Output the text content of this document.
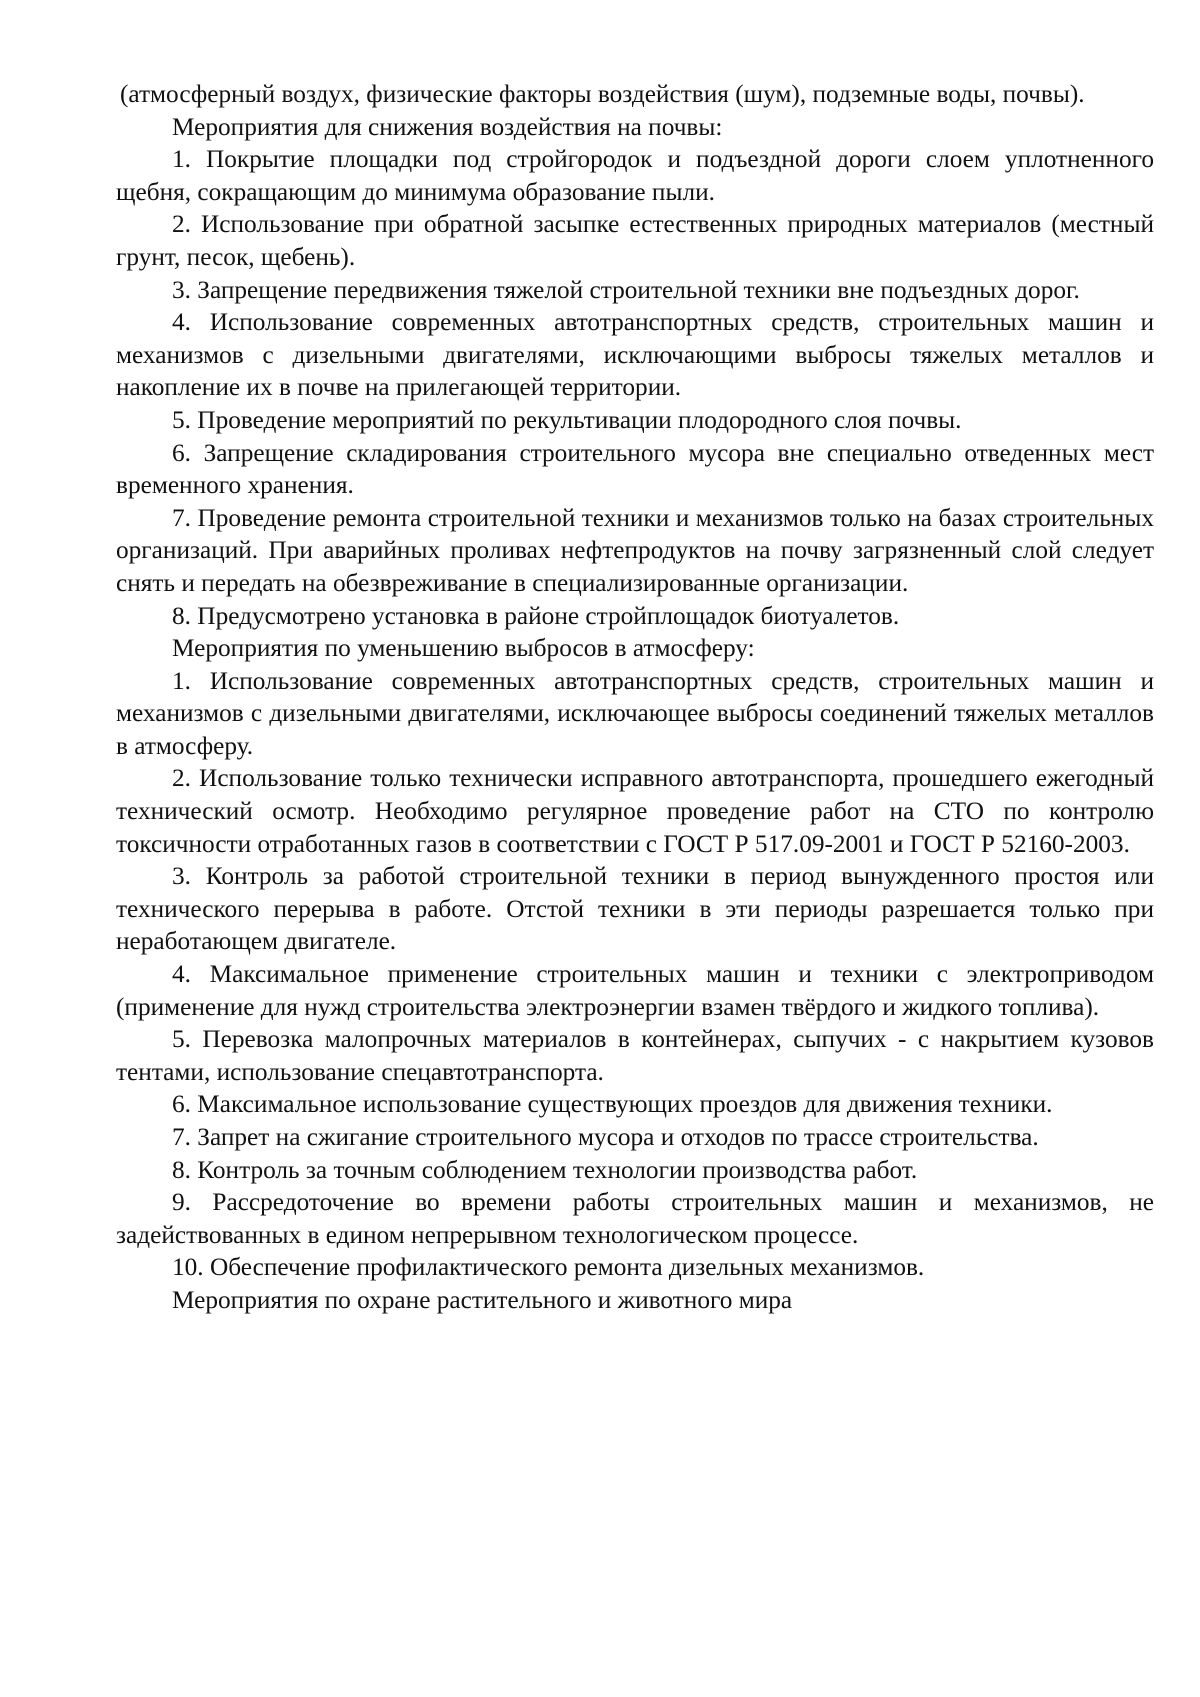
(атмосферный воздух, физические факторы воздействия (шум), подземные воды, почвы).

Мероприятия для снижения воздействия на почвы:

1. Покрытие площадки под стройгородок и подъездной дороги слоем уплотненного щебня, сокращающим до минимума образование пыли.

2. Использование при обратной засыпке естественных природных материалов (местный грунт, песок, щебень).

3. Запрещение передвижения тяжелой строительной техники вне подъездных дорог.

4. Использование современных автотранспортных средств, строительных машин и механизмов с дизельными двигателями, исключающими выбросы тяжелых металлов и накопление их в почве на прилегающей территории.

5. Проведение мероприятий по рекультивации плодородного слоя почвы.

6. Запрещение складирования строительного мусора вне специально отведенных мест временного хранения.

7. Проведение ремонта строительной техники и механизмов только на базах строительных организаций. При аварийных проливах нефтепродуктов на почву загрязненный слой следует снять и передать на обезвреживание в специализированные организации.

8. Предусмотрено установка в районе стройплощадок биотуалетов.

Мероприятия по уменьшению выбросов в атмосферу:

1. Использование современных автотранспортных средств, строительных машин и механизмов с дизельными двигателями, исключающее выбросы соединений тяжелых металлов в атмосферу.

2. Использование только технически исправного автотранспорта, прошедшего ежегодный технический осмотр. Необходимо регулярное проведение работ на СТО по контролю токсичности отработанных газов в соответствии с ГОСТ Р 517.09-2001 и ГОСТ Р 52160-2003.

3. Контроль за работой строительной техники в период вынужденного простоя или технического перерыва в работе. Отстой техники в эти периоды разрешается только при неработающем двигателе.

4. Максимальное применение строительных машин и техники с электроприводом (применение для нужд строительства электроэнергии взамен твёрдого и жидкого топлива).

5. Перевозка малопрочных материалов в контейнерах, сыпучих - с накрытием кузовов тентами, использование спецавтотранспорта.

6. Максимальное использование существующих проездов для движения техники.

7. Запрет на сжигание строительного мусора и отходов по трассе строительства.

8. Контроль за точным соблюдением технологии производства работ.

9. Рассредоточение во времени работы строительных машин и механизмов, не задействованных в едином непрерывном технологическом процессе.

10. Обеспечение профилактического ремонта дизельных механизмов.

Мероприятия по охране растительного и животного мира
